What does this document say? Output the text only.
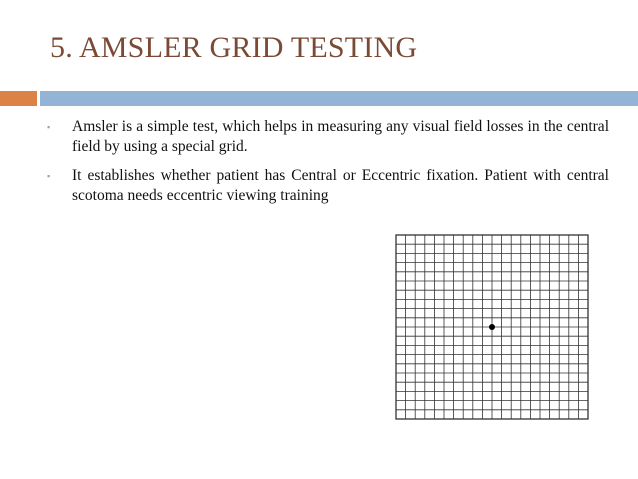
5. AMSLER GRID TESTING
▪ Amsler is a simple test, which helps in measuring any visual field losses in the central field by using a special grid.
▪ It establishes whether patient has Central or Eccentric fixation. Patient with central scotoma needs eccentric viewing training
